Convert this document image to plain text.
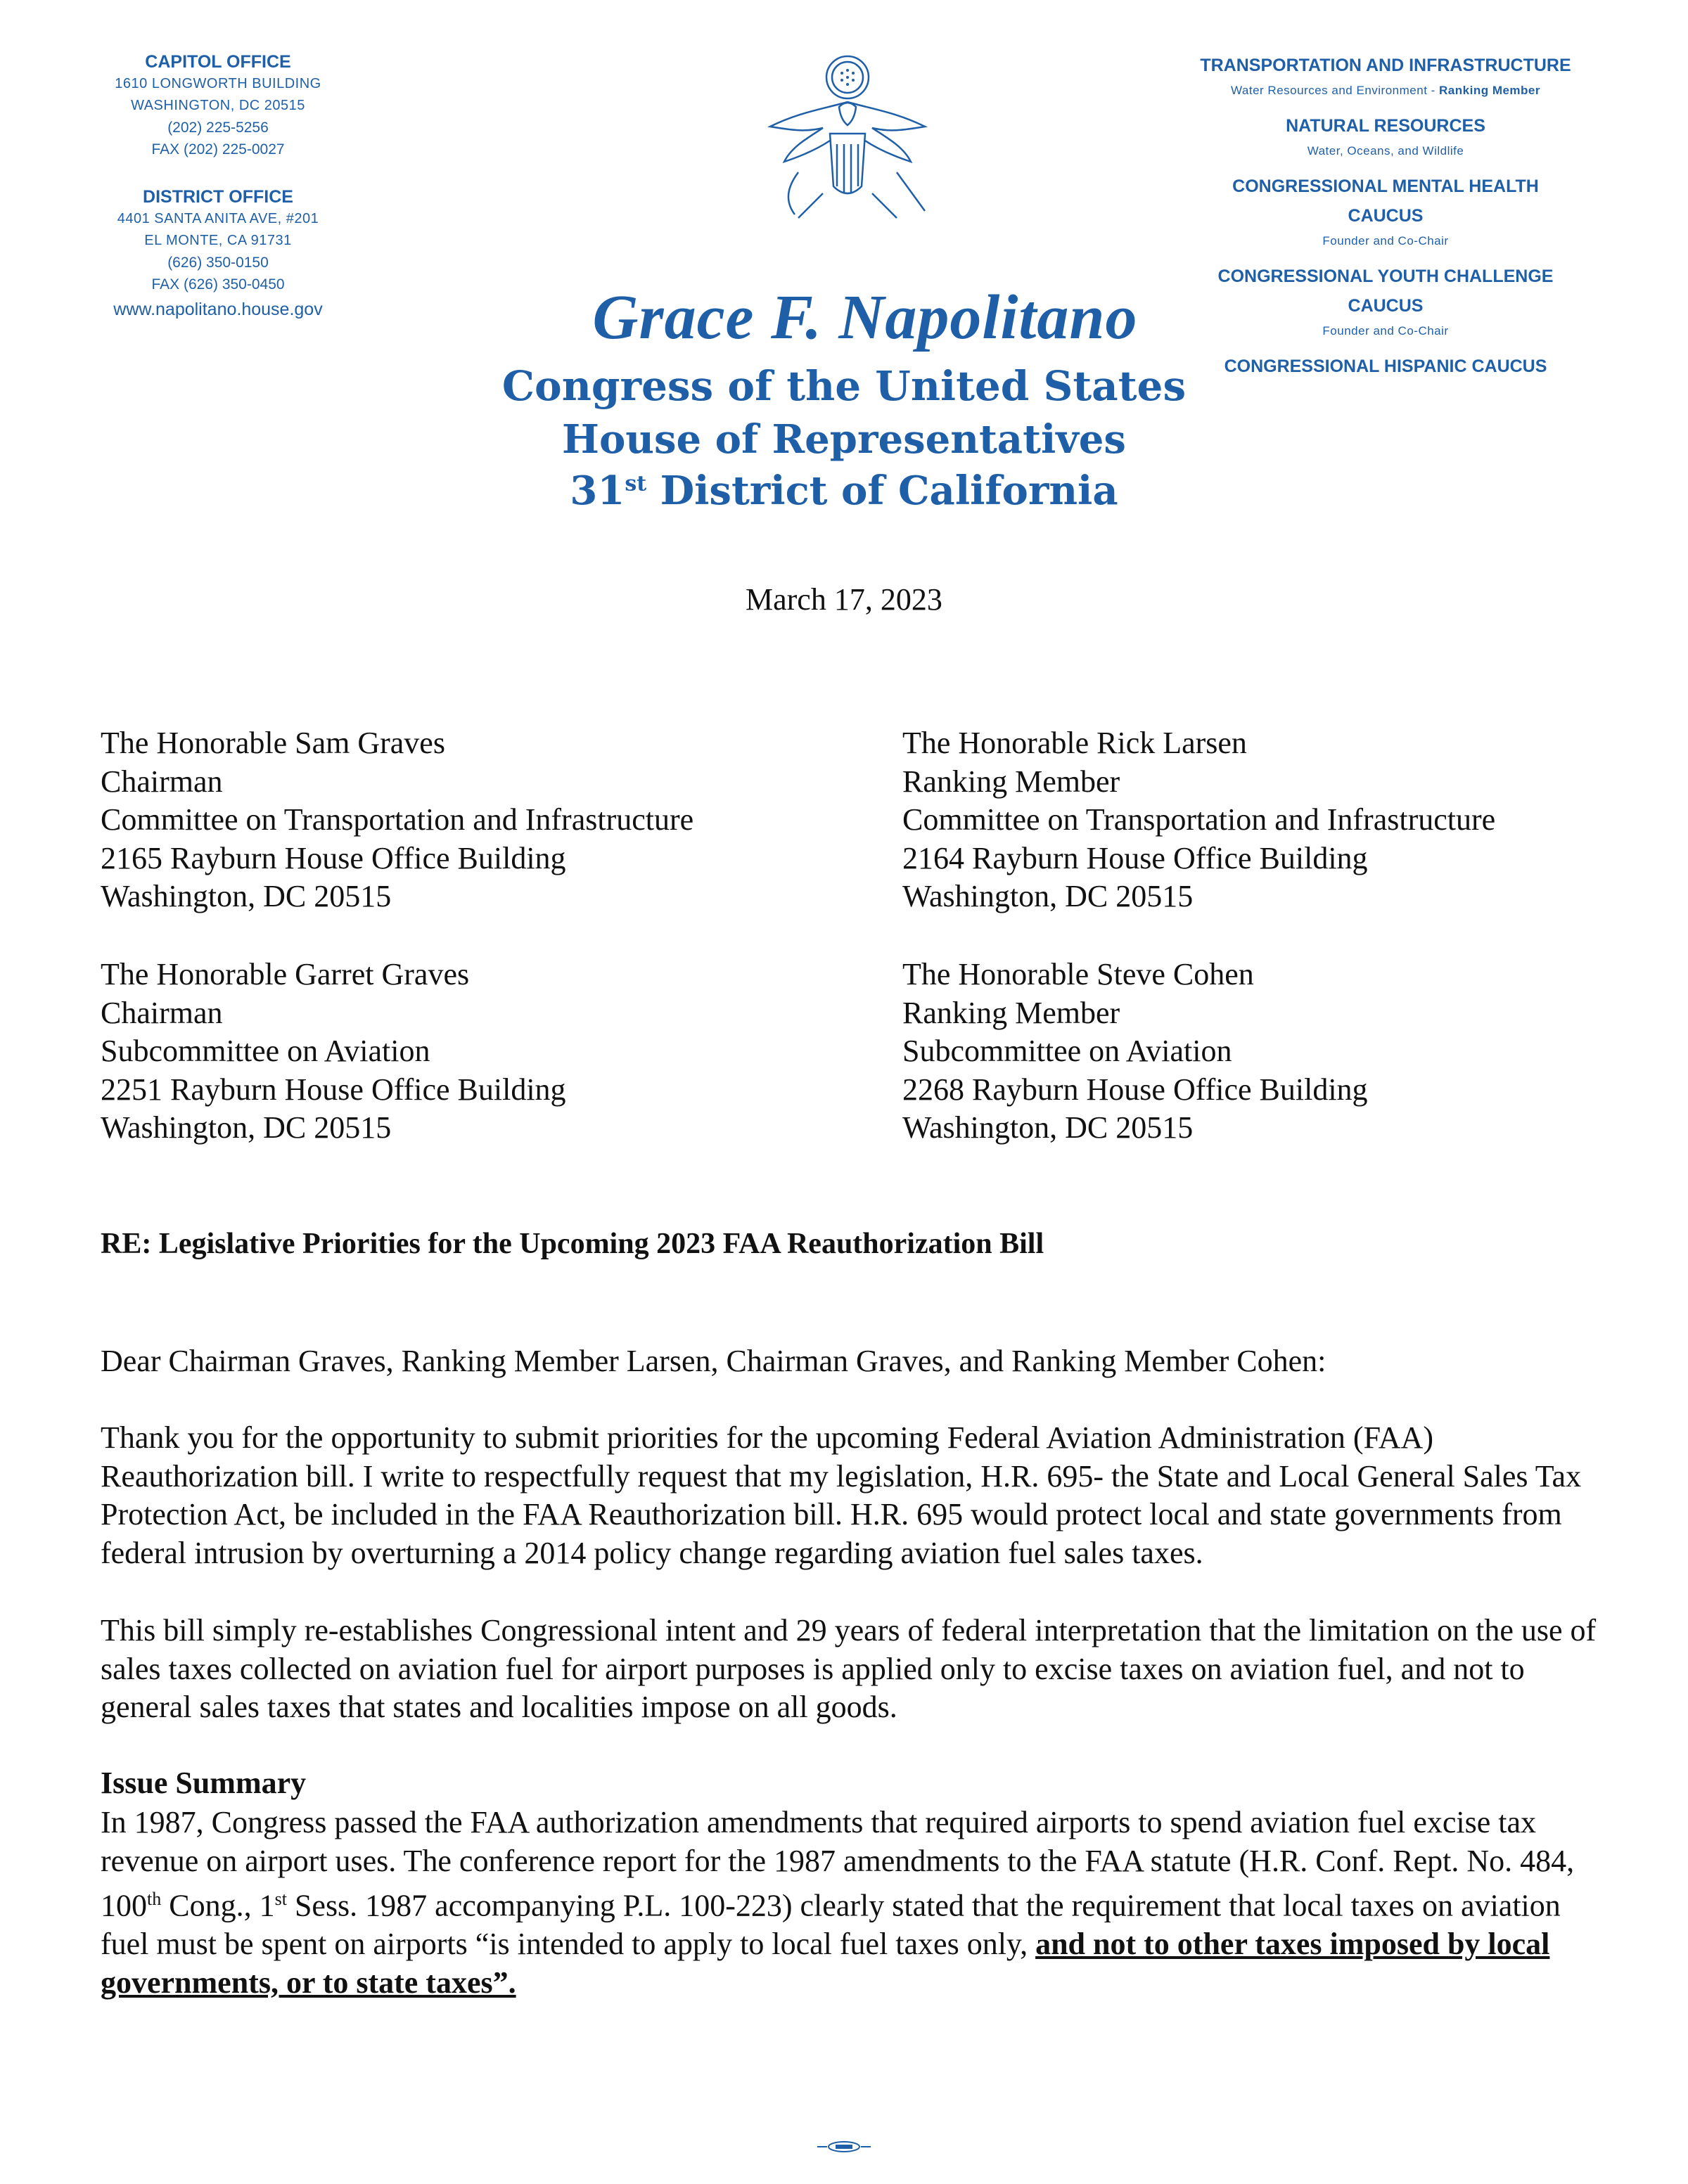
CAPITOL OFFICE
1610 LONGWORTH BUILDING
WASHINGTON, DC 20515
(202) 225-5256
FAX (202) 225-0027
DISTRICT OFFICE
4401 SANTA ANITA AVE, #201
EL MONTE, CA 91731
(626) 350-0150
FAX (626) 350-0450
www.napolitano.house.gov	Grace F. Napolitano
Congress of the United States
House of Representatives
31st District of California
TRANSPORTATION AND INFRASTRUCTURE
Water Resources and Environment - Ranking Member
NATURAL RESOURCES
Water, Oceans, and Wildlife
CONGRESSIONAL MENTAL HEALTH
CAUCUS
Founder and Co-Chair
CONGRESSIONAL YOUTH CHALLENGE
CAUCUS
Founder and Co-Chair
CONGRESSIONAL HISPANIC CAUCUS
March 17, 2023
The Honorable Sam Graves
Chairman
Committee on Transportation and Infrastructure
2165 Rayburn House Office Building
Washington, DC 20515
The Honorable Rick Larsen
Ranking Member
Committee on Transportation and Infrastructure
2164 Rayburn House Office Building
Washington, DC 20515
The Honorable Garret Graves
Chairman
Subcommittee on Aviation
2251 Rayburn House Office Building
Washington, DC 20515
The Honorable Steve Cohen
Ranking Member
Subcommittee on Aviation
2268 Rayburn House Office Building
Washington, DC 20515
RE: Legislative Priorities for the Upcoming 2023 FAA Reauthorization Bill
Dear Chairman Graves, Ranking Member Larsen, Chairman Graves, and Ranking Member Cohen:
Thank you for the opportunity to submit priorities for the upcoming Federal Aviation Administration (FAA) Reauthorization bill. I write to respectfully request that my legislation, H.R. 695- the State and Local General Sales Tax Protection Act, be included in the FAA Reauthorization bill. H.R. 695 would protect local and state governments from federal intrusion by overturning a 2014 policy change regarding aviation fuel sales taxes.
This bill simply re-establishes Congressional intent and 29 years of federal interpretation that the limitation on the use of sales taxes collected on aviation fuel for airport purposes is applied only to excise taxes on aviation fuel, and not to general sales taxes that states and localities impose on all goods.
Issue Summary
In 1987, Congress passed the FAA authorization amendments that required airports to spend aviation fuel excise tax revenue on airport uses. The conference report for the 1987 amendments to the FAA statute (H.R. Conf. Rept. No. 484, 100th Cong., 1st Sess. 1987 accompanying P.L. 100-223) clearly stated that the requirement that local taxes on aviation fuel must be spent on airports “is intended to apply to local fuel taxes only, and not to other taxes imposed by local governments, or to state taxes”.
